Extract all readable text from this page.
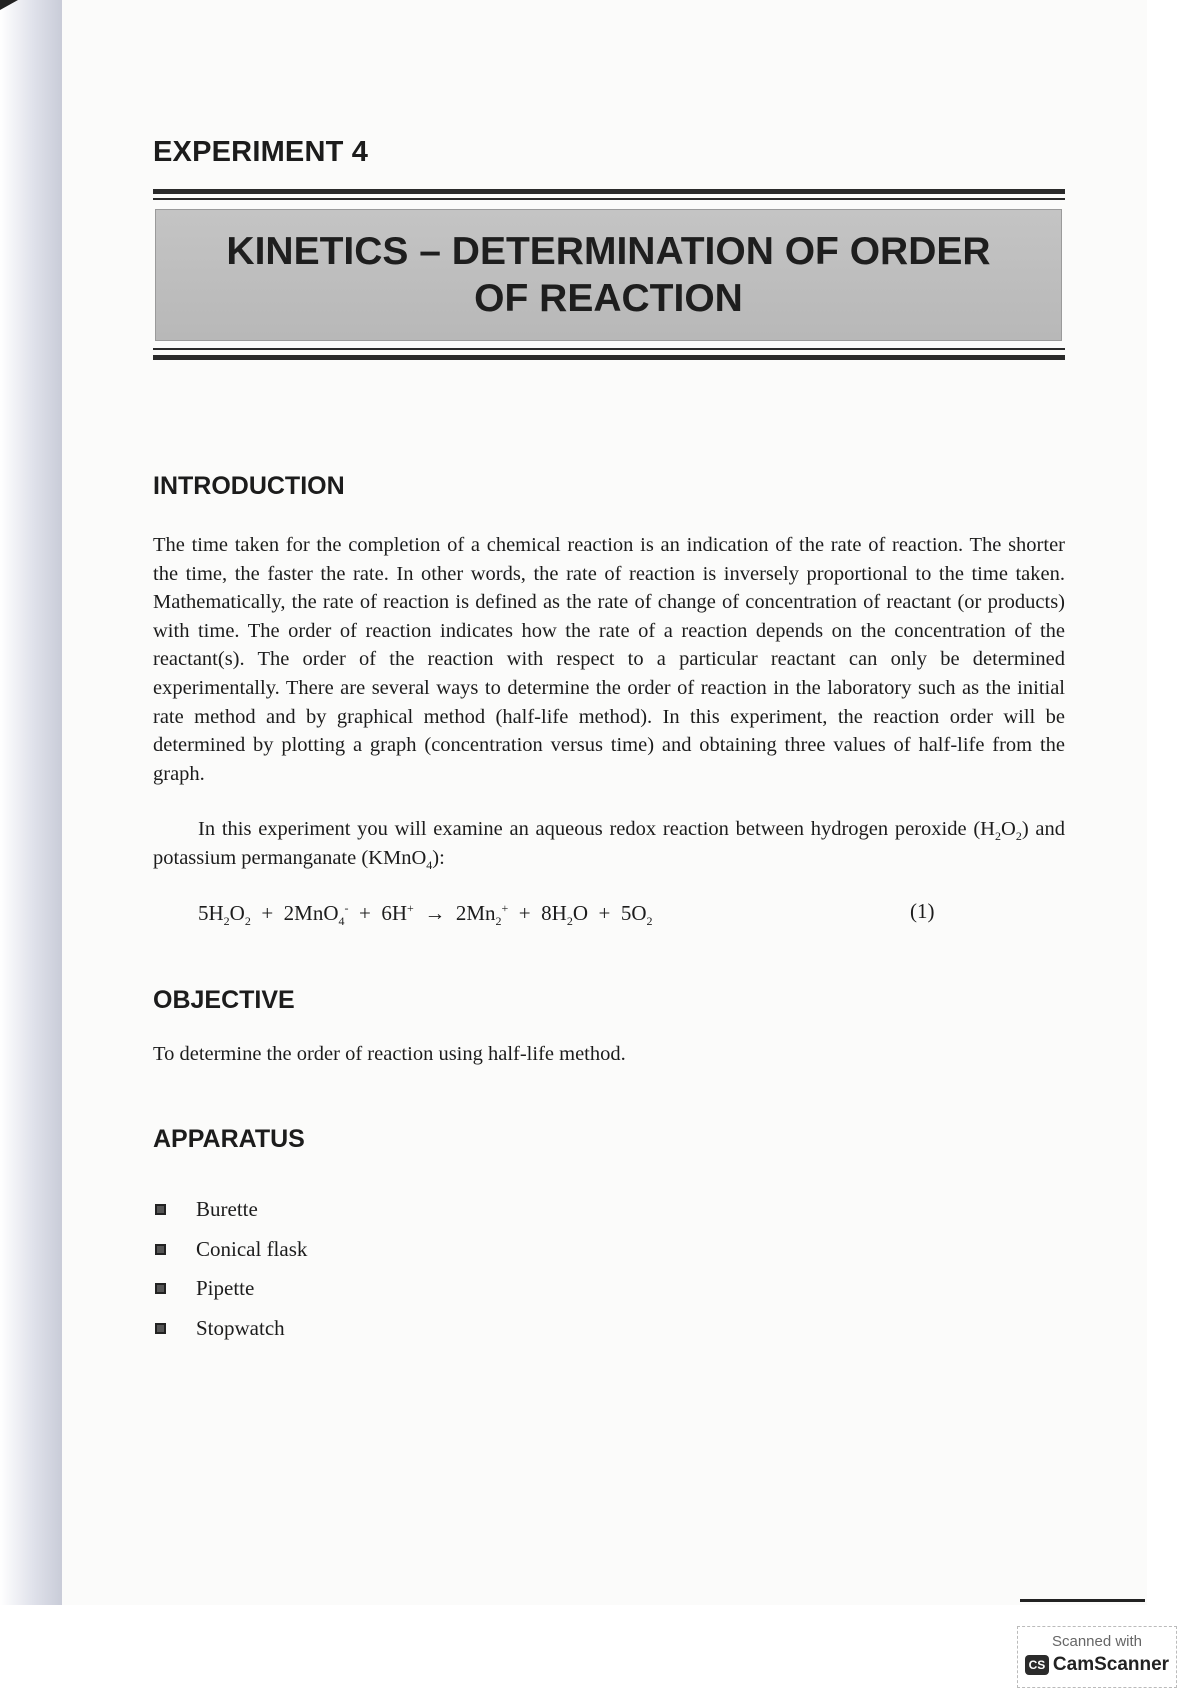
EXPERIMENT 4
KINETICS – DETERMINATION OF ORDER
OF REACTION
INTRODUCTION
The time taken for the completion of a chemical reaction is an indication of the rate of reaction. The shorter the time, the faster the rate. In other words, the rate of reaction is inversely proportional to the time taken. Mathematically, the rate of reaction is defined as the rate of change of concentration of reactant (or products) with time. The order of reaction indicates how the rate of a reaction depends on the concentration of the reactant(s). The order of the reaction with respect to a particular reactant can only be determined experimentally. There are several ways to determine the order of reaction in the laboratory such as the initial rate method and by graphical method (half-life method). In this experiment, the reaction order will be determined by plotting a graph (concentration versus time) and obtaining three values of half-life from the graph.
In this experiment you will examine an aqueous redox reaction between hydrogen peroxide $(H_2O_2)$ and potassium permanganate (KMnO$_4$):
$5H_2O_2 + 2MnO_4^- + 6H^+ \to 2Mn_2^+ + 8H_2O + 5O_2$	(1)
OBJECTIVE
To determine the order of reaction using half-life method.
APPARATUS
Burette
Conical flask
Pipette
Stopwatch
Scanned with
CS CamScanner
